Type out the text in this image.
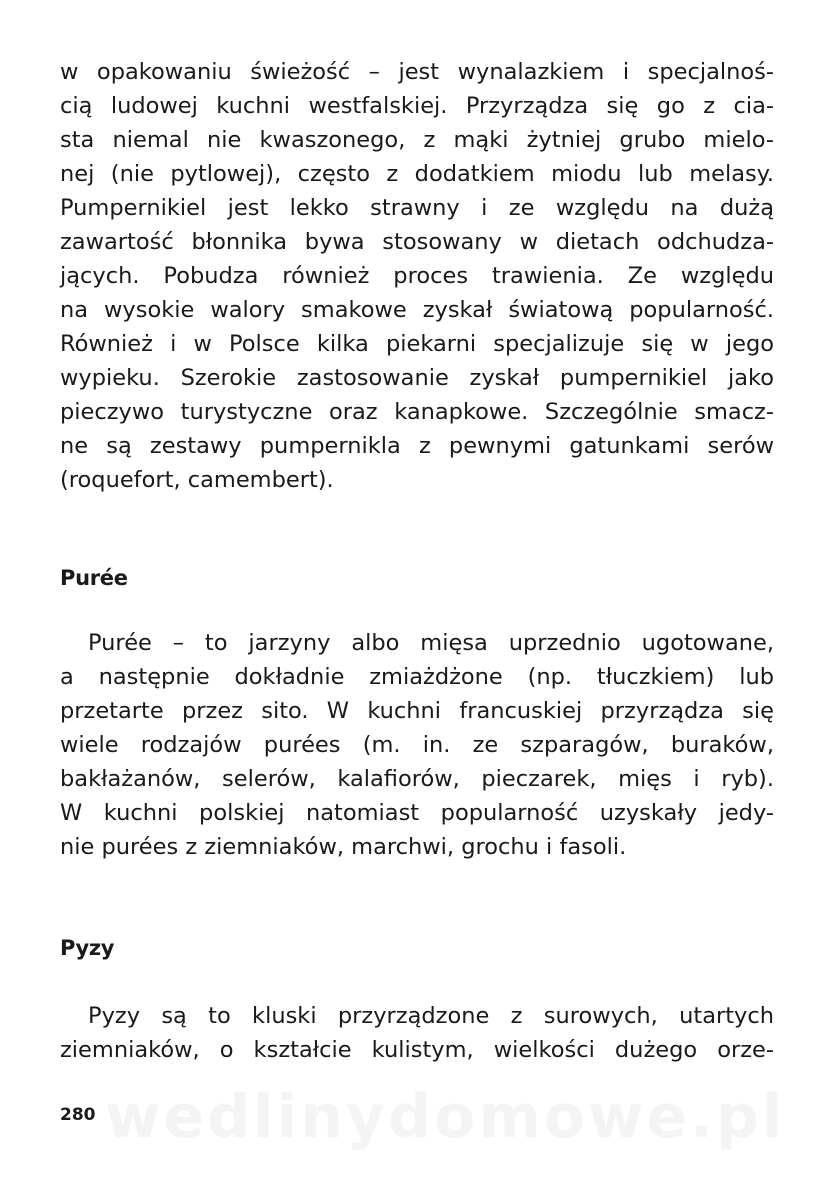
wedlinydomowe.pl
w opakowaniu świeżość – jest wynalazkiem i specjalnoś-
cią ludowej kuchni westfalskiej. Przyrządza się go z cia-
sta niemal nie kwaszonego, z mąki żytniej grubo mielo-
nej (nie pytlowej), często z dodatkiem miodu lub melasy.
Pumpernikiel jest lekko strawny i ze względu na dużą
zawartość błonnika bywa stosowany w dietach odchudza-
jących. Pobudza również proces trawienia. Ze względu
na wysokie walory smakowe zyskał światową popularność.
Również i w Polsce kilka piekarni specjalizuje się w jego
wypieku. Szerokie zastosowanie zyskał pumpernikiel jako
pieczywo turystyczne oraz kanapkowe. Szczególnie smacz-
ne są zestawy pumpernikla z pewnymi gatunkami serów
(roquefort, camembert).
Purée
Purée – to jarzyny albo mięsa uprzednio ugotowane,
a następnie dokładnie zmiażdżone (np. tłuczkiem) lub
przetarte przez sito. W kuchni francuskiej przyrządza się
wiele rodzajów purées (m. in. ze szparagów, buraków,
bakłażanów, selerów, kalafiorów, pieczarek, mięs i ryb).
W kuchni polskiej natomiast popularność uzyskały jedy-
nie purées z ziemniaków, marchwi, grochu i fasoli.
Pyzy
Pyzy są to kluski przyrządzone z surowych, utartych
ziemniaków, o kształcie kulistym, wielkości dużego orze-
280
